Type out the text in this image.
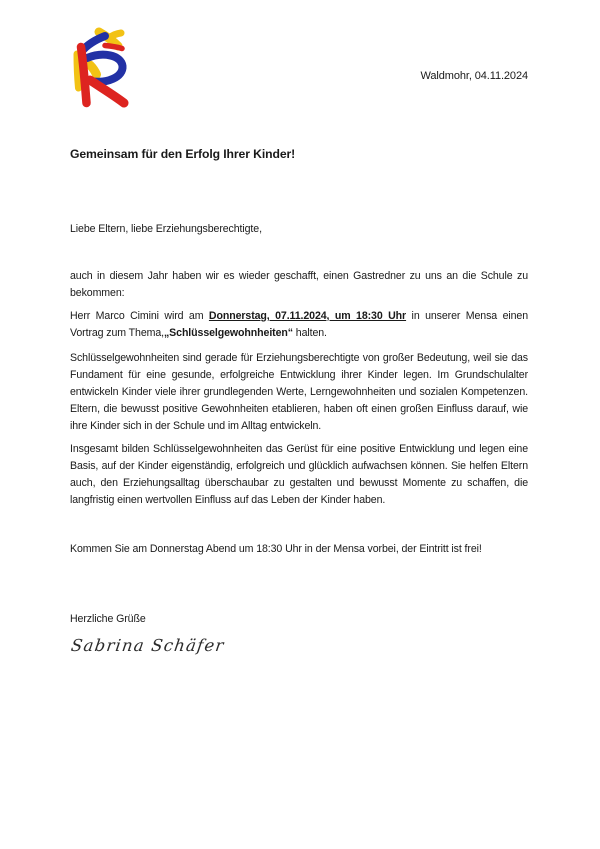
Waldmohr, 04.11.2024
Gemeinsam für den Erfolg Ihrer Kinder!
Liebe Eltern, liebe Erziehungsberechtigte,

auch in diesem Jahr haben wir es wieder geschafft, einen Gastredner zu uns an die Schule zu bekommen:

Herr Marco Cimini wird am Donnerstag, 07.11.2024, um 18:30 Uhr in unserer Mensa einen Vortrag zum Thema,„Schlüsselgewohnheiten“ halten.

Schlüsselgewohnheiten sind gerade für Erziehungsberechtigte von großer Bedeutung, weil sie das Fundament für eine gesunde, erfolgreiche Entwicklung ihrer Kinder legen. Im Grundschulalter entwickeln Kinder viele ihrer grundlegenden Werte, Lerngewohnheiten und sozialen Kompetenzen. Eltern, die bewusst positive Gewohnheiten etablieren, haben oft einen großen Einfluss darauf, wie ihre Kinder sich in der Schule und im Alltag entwickeln.

Insgesamt bilden Schlüsselgewohnheiten das Gerüst für eine positive Entwicklung und legen eine Basis, auf der Kinder eigenständig, erfolgreich und glücklich aufwachsen können. Sie helfen Eltern auch, den Erziehungsalltag überschaubar zu gestalten und bewusst Momente zu schaffen, die langfristig einen wertvollen Einfluss auf das Leben der Kinder haben.

Kommen Sie am Donnerstag Abend um 18:30 Uhr in der Mensa vorbei, der Eintritt ist frei!

Herzliche Grüße
Sabrina Schäfer
